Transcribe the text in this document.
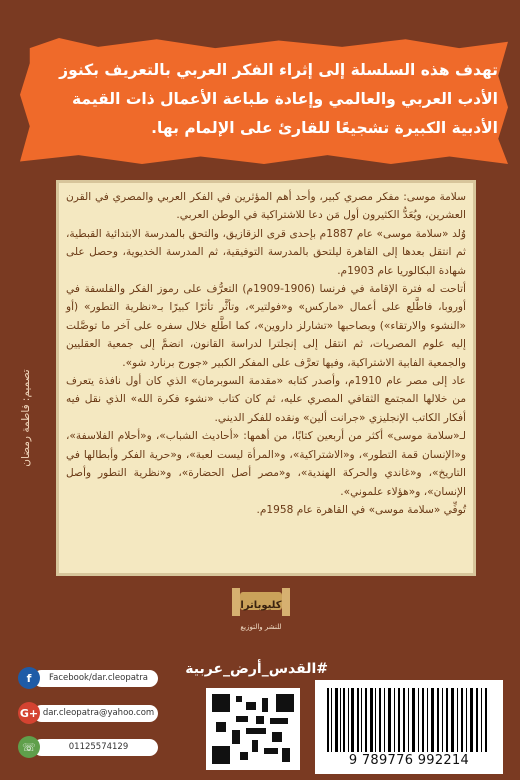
تهدف هذه السلسلة إلى إثراء الفكر العربي بالتعريف بكنوز
الأدب العربي والعالمي وإعادة طباعة الأعمال ذات القيمة
الأدبية الكبيرة تشجيعًا للقارئ على الإلمام بها.

سلامة موسى: مفكر مصري كبير، وأحد أهم المؤثرين في الفكر العربي والمصري في القرن العشرين، ويُعَدُّ الكثيرون أول مَن دعا للاشتراكية في الوطن العربي.

وُلد «سلامة موسى» عام 1887م بإحدى قرى الزقازيق، والتحق بالمدرسة الابتدائية القبطية، ثم انتقل بعدها إلى القاهرة ليلتحق بالمدرسة التوفيقية، ثم المدرسة الخديوية، وحصل على شهادة البكالوريا عام 1903م.

أتاحت له فترة الإقامة في فرنسا (1906-1909م) التعرُّف على رموز الفكر والفلسفة في أوروبا، فاطَّلع على أعمال «ماركس» و«فولتير»، وتأثَّر تأثرًا كبيرًا بـ«نظرية التطور» (أو «النشوء والارتقاء») وبصاحبها «تشارلز داروين»، كما اطَّلع خلال سفره على آخر ما توصَّلت إليه علوم المصريات، ثم انتقل إلى إنجلترا لدراسة القانون، انضمَّ إلى جمعية العقليين والجمعية الفابية الاشتراكية، وفيها تعرَّف على المفكر الكبير «جورج برنارد شو».

عاد إلى مصر عام 1910م، وأصدر كتابه «مقدمة السوبرمان» الذي كان أول نافذة يتعرف من خلالها المجتمع الثقافي المصري عليه، ثم كان كتاب «نشوء فكرة الله» الذي نقل فيه أفكار الكاتب الإنجليزي «جرانت ألين» ونقده للفكر الديني.

لـ«سلامة موسى» أكثر من أربعين كتابًا، من أهمها: «أحاديث الشباب»، و«أحلام الفلاسفة»، و«الإنسان قمة التطور»، و«الاشتراكية»، و«المرأة ليست لعبة»، و«حرية الفكر وأبطالها في التاريخ»، و«غاندي والحركة الهندية»، و«مصر أصل الحضارة»، و«نظرية التطور وأصل الإنسان»، و«هؤلاء علموني».

تُوفِّي «سلامة موسى» في القاهرة عام 1958م.

تصميم: فاطمة رمضان
كليوباترا
للنشر والتوزيع
f	Facebook/dar.cleopatra
G+ dar.cleopatra@yahoo.com
☏	01125574129
#القدس_أرض_عربية
9 789776 992214
